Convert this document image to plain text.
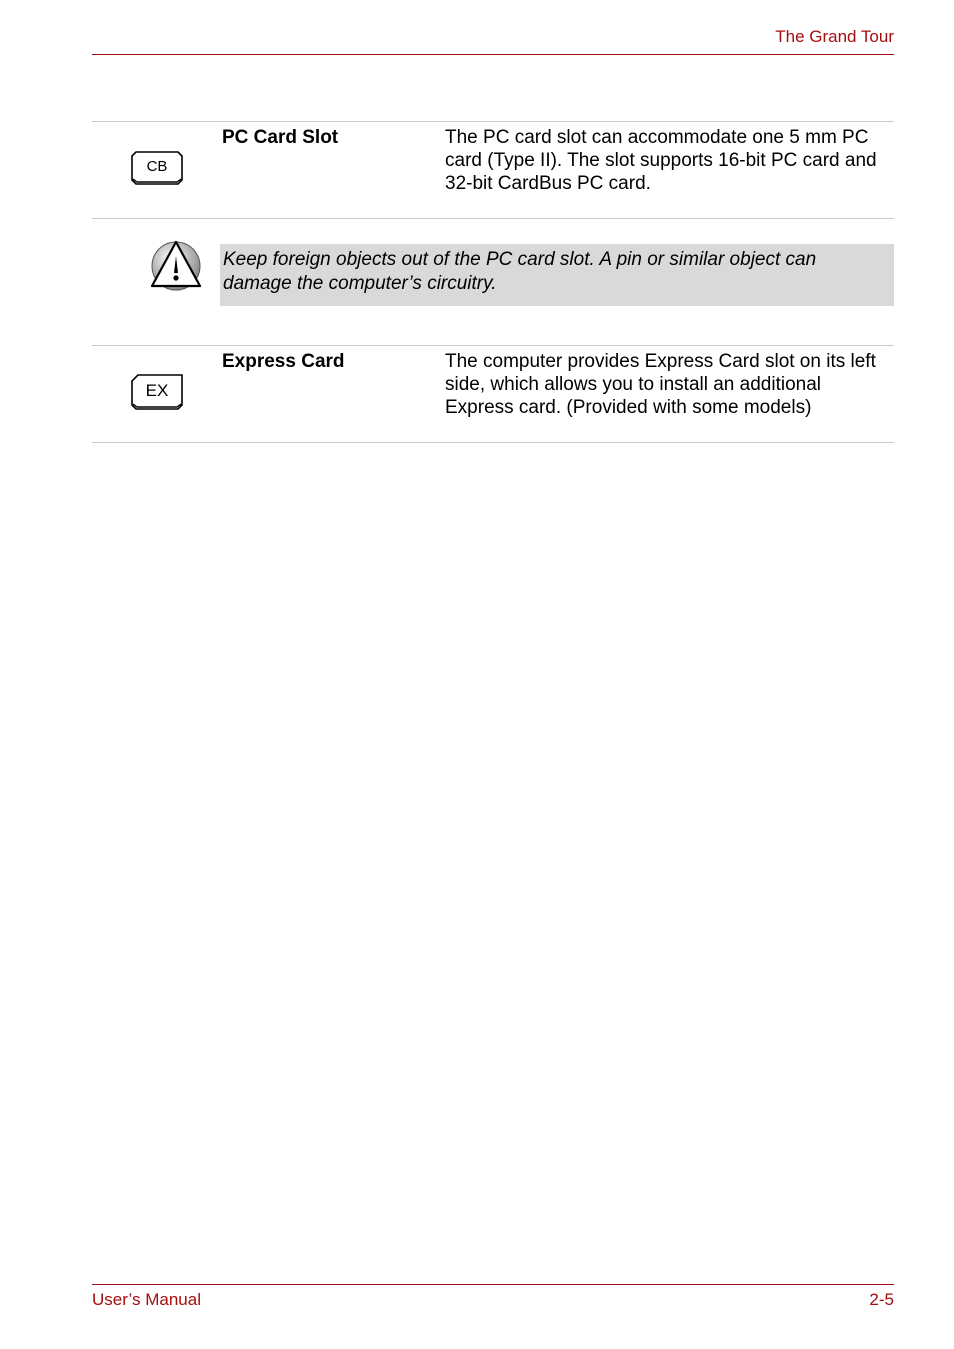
The Grand Tour
CB
PC Card Slot	The PC card slot can accommodate one 5 mm PC card (Type II). The slot supports 16-bit PC card and 32-bit CardBus PC card.
Keep foreign objects out of the PC card slot. A pin or similar object can damage the computer’s circuitry.
EX
Express Card	The computer provides Express Card slot on its left side, which allows you to install an additional Express card. (Provided with some models)
User’s Manual	2-5
